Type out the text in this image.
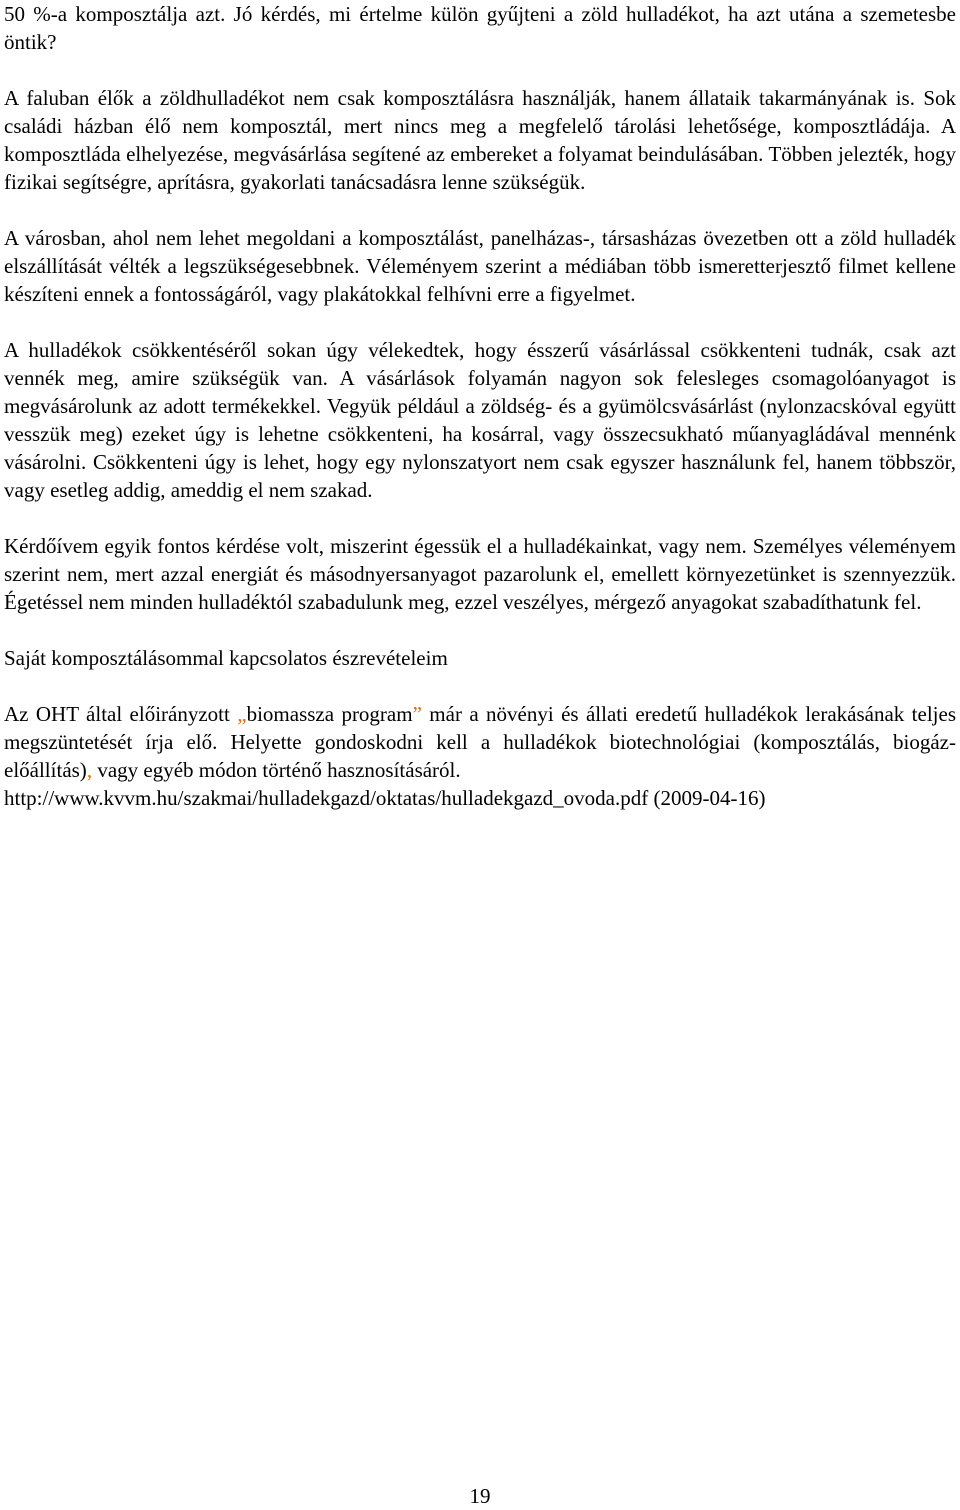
50 %-a komposztálja azt. Jó kérdés, mi értelme külön gyűjteni a zöld hulladékot, ha azt utána a szemetesbe öntik?

A faluban élők a zöldhulladékot nem csak komposztálásra használják, hanem állataik takarmányának is. Sok családi házban élő nem komposztál, mert nincs meg a megfelelő tárolási lehetősége, komposztládája. A komposztláda elhelyezése, megvásárlása segítené az embereket a folyamat beindulásában. Többen jelezték, hogy fizikai segítségre, aprításra, gyakorlati tanácsadásra lenne szükségük.

A városban, ahol nem lehet megoldani a komposztálást, panelházas-, társasházas övezetben ott a zöld hulladék elszállítását vélték a legszükségesebbnek. Véleményem szerint a médiában több ismeretterjesztő filmet kellene készíteni ennek a fontosságáról, vagy plakátokkal felhívni erre a figyelmet.

A hulladékok csökkentéséről sokan úgy vélekedtek, hogy ésszerű vásárlással csökkenteni tudnák, csak azt vennék meg, amire szükségük van. A vásárlások folyamán nagyon sok felesleges csomagolóanyagot is megvásárolunk az adott termékekkel. Vegyük például a zöldség- és a gyümölcsvásárlást (nylonzacskóval együtt vesszük meg) ezeket úgy is lehetne csökkenteni, ha kosárral, vagy összecsukható műanyagládával mennénk vásárolni. Csökkenteni úgy is lehet, hogy egy nylonszatyort nem csak egyszer használunk fel, hanem többször, vagy esetleg addig, ameddig el nem szakad.

Kérdőívem egyik fontos kérdése volt, miszerint égessük el a hulladékainkat, vagy nem. Személyes véleményem szerint nem, mert azzal energiát és másodnyersanyagot pazarolunk el, emellett környezetünket is szennyezzük. Égetéssel nem minden hulladéktól szabadulunk meg, ezzel veszélyes, mérgező anyagokat szabadíthatunk fel.

Saját komposztálásommal kapcsolatos észrevételeim

Az OHT által előirányzott „biomassza program” már a növényi és állati eredetű hulladékok lerakásának teljes megszüntetését írja elő. Helyette gondoskodni kell a hulladékok biotechnológiai (komposztálás, biogáz-előállítás), vagy egyéb módon történő hasznosításáról.

http://www.kvvm.hu/szakmai/hulladekgazd/oktatas/hulladekgazd_ovoda.pdf (2009-04-16)

19
